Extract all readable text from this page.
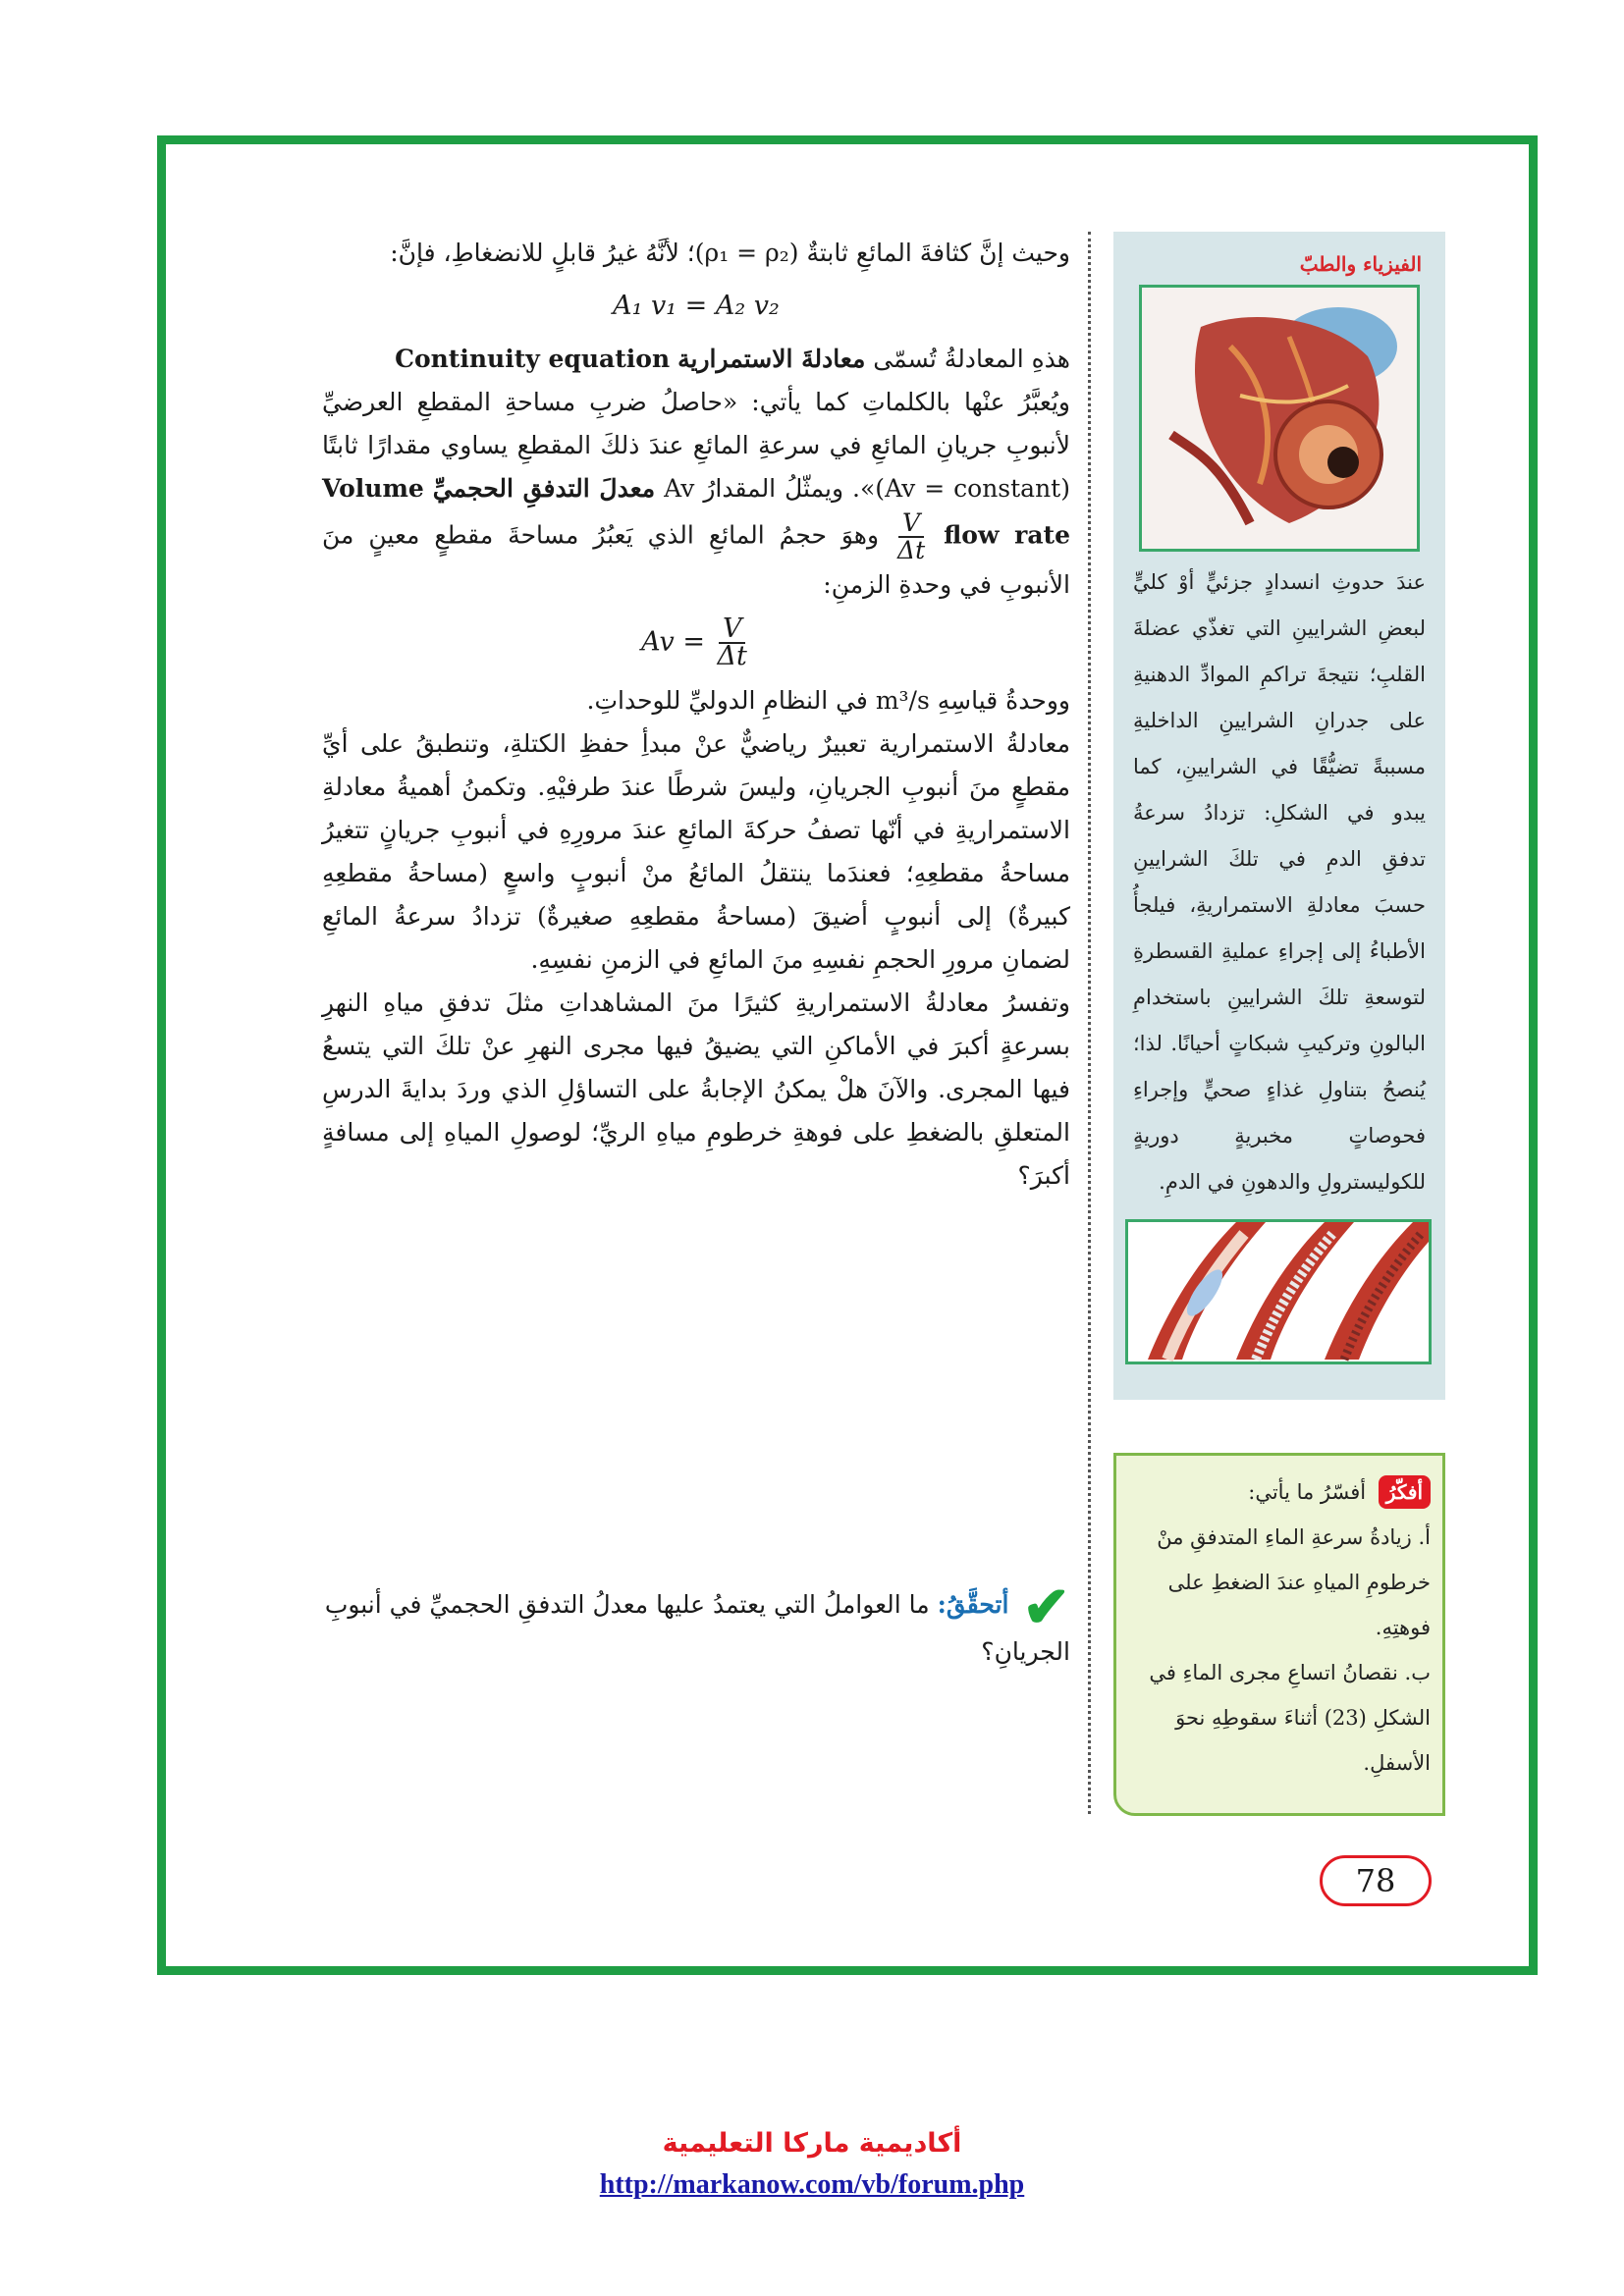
وحيث إنَّ كثافةَ المائعِ ثابتةٌ (ρ₁ = ρ₂)؛ لأنَّهُ غيرُ قابلٍ للانضغاطِ، فإنَّ:

A₁ v₁ = A₂ v₂

هذهِ المعادلةُ تُسمّى معادلةَ الاستمرارية Continuity equation

ويُعبَّرُ عنْها بالكلماتِ كما يأتي: «حاصلُ ضربِ مساحةِ المقطعِ العرضيِّ لأنبوبِ جريانِ المائعِ في سرعةِ المائعِ عندَ ذلكَ المقطعِ يساوي مقدارًا ثابتًا (Av = constant)». ويمثّلُ المقدارُ Av معدلَ التدفقِ الحجميِّ Volume flow rate
$\frac{V}{\Delta t}$
وهوَ حجمُ المائعِ الذي يَعبُرُ مساحةَ مقطعٍ معينٍ منَ الأنبوبِ في وحدةِ الزمنِ:

$Av = \frac{V}{\Delta t}$

ووحدةُ قياسِهِ m³/s في النظامِ الدوليِّ للوحداتِ.

معادلةُ الاستمرارية تعبيرٌ رياضيٌّ عنْ مبدأِ حفظِ الكتلةِ، وتنطبقُ على أيِّ مقطعٍ منَ أنبوبِ الجريانِ، وليسَ شرطًا عندَ طرفيْهِ. وتكمنُ أهميةُ معادلةِ الاستمراريةِ في أنّها تصفُ حركةَ المائعِ عندَ مرورِهِ في أنبوبِ جريانٍ تتغيرُ مساحةُ مقطعِهِ؛ فعندَما ينتقلُ المائعُ منْ أنبوبٍ واسعٍ (مساحةُ مقطعِهِ كبيرةٌ) إلى أنبوبٍ أضيقَ (مساحةُ مقطعِهِ صغيرةٌ) تزدادُ سرعةُ المائعِ لضمانِ مرورِ الحجمِ نفسِهِ منَ المائعِ في الزمنِ نفسِهِ.

وتفسرُ معادلةُ الاستمراريةِ كثيرًا منَ المشاهداتِ مثلَ تدفقِ مياهِ النهرِ بسرعةٍ أكبرَ في الأماكنِ التي يضيقُ فيها مجرى النهرِ عنْ تلكَ التي يتسعُ فيها المجرى. والآنَ هلْ يمكنُ الإجابةُ على التساؤلِ الذي وردَ بدايةَ الدرسِ المتعلقِ بالضغطِ على فوهةِ خرطومِ مياهِ الريِّ؛ لوصولِ المياهِ إلى مسافةٍ أكبرَ؟

✔ أتحقَّقُ: ما العواملُ التي يعتمدُ عليها معدلُ التدفقِ الحجميِّ في أنبوبِ الجريانِ؟
الفيزياء والطبّ
عندَ حدوثِ انسدادٍ جزئيٍّ أوْ كليٍّ لبعضِ الشرايينِ التي تغذّي عضلةَ القلبِ؛ نتيجةَ تراكمِ الموادِّ الدهنيةِ على جدرانِ الشرايينِ الداخليةِ مسببةً تضيُّقًا في الشرايينِ، كما يبدو في الشكلِ: تزدادُ سرعةُ تدفقِ الدمِ في تلكَ الشرايينِ حسبَ معادلةِ الاستمراريةِ، فيلجأُ الأطباءُ إلى إجراءِ عمليةِ القسطرةِ لتوسعةِ تلكَ الشرايينِ باستخدامِ البالونِ وتركيبِ شبكاتٍ أحيانًا. لذا؛ يُنصحُ بتناولِ غذاءٍ صحيٍّ وإجراءِ فحوصاتٍ مخبريةٍ دوريةٍ للكوليسترولِ والدهونِ في الدمِ.
أفكّرُ أفسّرُ ما يأتي:
أ. زيادةُ سرعةِ الماءِ المتدفقِ منْ خرطومِ المياهِ عندَ الضغطِ على فوهتِهِ.
ب. نقصانُ اتساعِ مجرى الماءِ في الشكلِ (23) أثناءَ سقوطِهِ نحوَ الأسفلِ.
78
أكاديمية ماركا التعليمية
http://markanow.com/vb/forum.php
